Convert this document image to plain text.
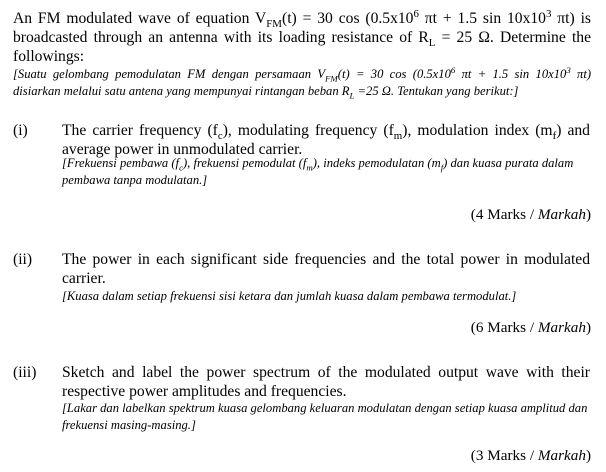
An FM modulated wave of equation $V_{FM}(t) = 30$ $\cos (0.5x10^6$ πt + 1.5 $\sin 10x10^3$ πt) is broadcasted through an antenna with its loading resistance of $R_L = 25$ Ω. Determine the followings:
[Suatu gelombang pemodulatan FM dengan persamaan $V_{FM}(t) = 30$ $\cos (0.5x10^6$ πt + 1.5 $\sin 10x10^3$ πt) disiarkan melalui satu antena yang mempunyai rintangan beban $R_L =25$ Ω. Tentukan yang berikut:]
(i) The carrier frequency $(f_c)$, modulating frequency $(f_m)$, modulation index $(m_f)$ and average power in unmodulated carrier.
[Frekuensi pembawa $(f_c)$, frekuensi pemodulat $(f_m)$, indeks pemodulatan $(m_f)$ dan kuasa purata dalam pembawa tanpa modulatan.]
(4 Marks / Markah)
(ii) The power in each significant side frequencies and the total power in modulated carrier.
[Kuasa dalam setiap frekuensi sisi ketara dan jumlah kuasa dalam pembawa termodulat.]
(6 Marks / Markah)
(iii) Sketch and label the power spectrum of the modulated output wave with their respective power amplitudes and frequencies.
[Lakar dan labelkan spektrum kuasa gelombang keluaran modulatan dengan setiap kuasa amplitud dan frekuensi masing-masing.]
(3 Marks / Markah)
